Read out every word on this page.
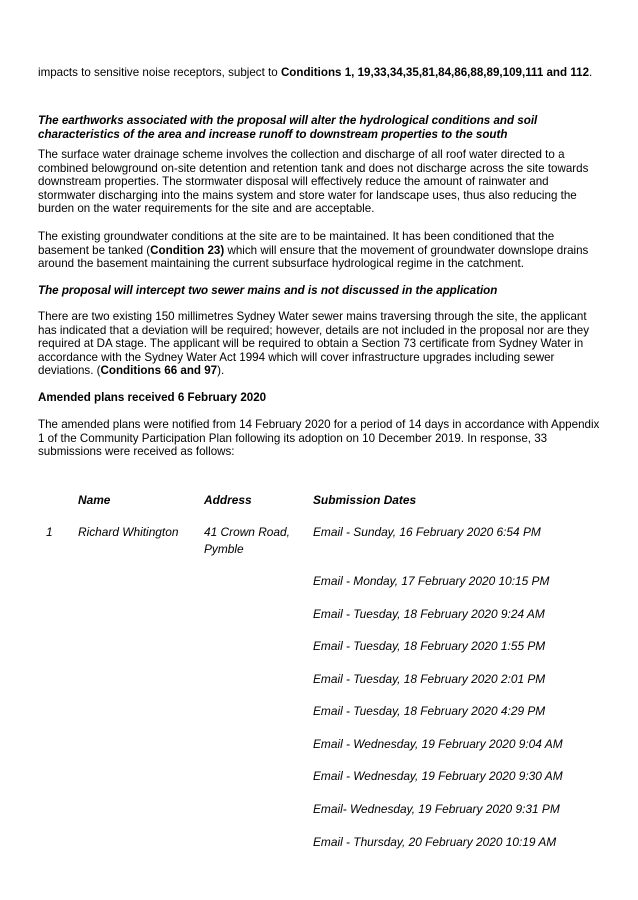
impacts to sensitive noise receptors, subject to Conditions 1, 19,33,34,35,81,84,86,88,89,109,111 and 112.
The earthworks associated with the proposal will alter the hydrological conditions and soil characteristics of the area and increase runoff to downstream properties to the south
The surface water drainage scheme involves the collection and discharge of all roof water directed to a combined belowground on-site detention and retention tank and does not discharge across the site towards downstream properties. The stormwater disposal will effectively reduce the amount of rainwater and stormwater discharging into the mains system and store water for landscape uses, thus also reducing the burden on the water requirements for the site and are acceptable.
The existing groundwater conditions at the site are to be maintained. It has been conditioned that the basement be tanked (Condition 23) which will ensure that the movement of groundwater downslope drains around the basement maintaining the current subsurface hydrological regime in the catchment.
The proposal will intercept two sewer mains and is not discussed in the application
There are two existing 150 millimetres Sydney Water sewer mains traversing through the site, the applicant has indicated that a deviation will be required; however, details are not included in the proposal nor are they required at DA stage. The applicant will be required to obtain a Section 73 certificate from Sydney Water in accordance with the Sydney Water Act 1994 which will cover infrastructure upgrades including sewer deviations. (Conditions 66 and 97).
Amended plans received 6 February 2020
The amended plans were notified from 14 February 2020 for a period of 14 days in accordance with Appendix 1 of the Community Participation Plan following its adoption on 10 December 2019. In response, 33 submissions were received as follows:
Name	Address	Submission Dates
1 Richard Whitington 41 Crown Road,
Pymble
Email - Sunday, 16 February 2020 6:54 PM
Email - Monday, 17 February 2020 10:15 PM
Email - Tuesday, 18 February 2020 9:24 AM
Email - Tuesday, 18 February 2020 1:55 PM
Email - Tuesday, 18 February 2020 2:01 PM
Email - Tuesday, 18 February 2020 4:29 PM
Email - Wednesday, 19 February 2020 9:04 AM
Email - Wednesday, 19 February 2020 9:30 AM
Email- Wednesday, 19 February 2020 9:31 PM
Email - Thursday, 20 February 2020 10:19 AM
